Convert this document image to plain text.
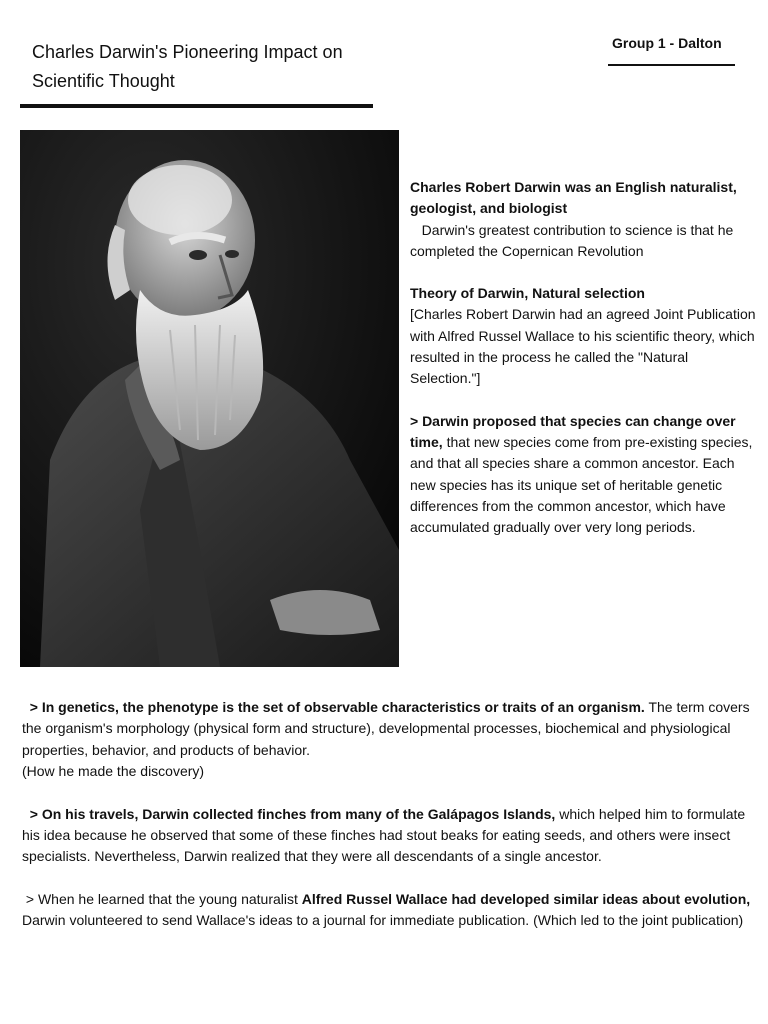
Charles Darwin's Pioneering Impact on Scientific Thought
Group 1 - Dalton

Charles Robert Darwin was an English naturalist, geologist, and biologist
Darwin's greatest contribution to science is that he completed the Copernican Revolution

Theory of Darwin, Natural selection
[Charles Robert Darwin had an agreed Joint Publication with Alfred Russel Wallace to his scientific theory, which resulted in the process he called the "Natural Selection."]

> Darwin proposed that species can change over time, that new species come from pre-existing species, and that all species share a common ancestor. Each new species has its unique set of heritable genetic differences from the common ancestor, which have accumulated gradually over very long periods.

> In genetics, the phenotype is the set of observable characteristics or traits of an organism. The term covers the organism's morphology (physical form and structure), developmental processes, biochemical and physiological properties, behavior, and products of behavior.
(How he made the discovery)

> On his travels, Darwin collected finches from many of the Galápagos Islands, which helped him to formulate his idea because he observed that some of these finches had stout beaks for eating seeds, and others were insect specialists. Nevertheless, Darwin realized that they were all descendants of a single ancestor.

> When he learned that the young naturalist Alfred Russel Wallace had developed similar ideas about evolution, Darwin volunteered to send Wallace's ideas to a journal for immediate publication. (Which led to the joint publication)
